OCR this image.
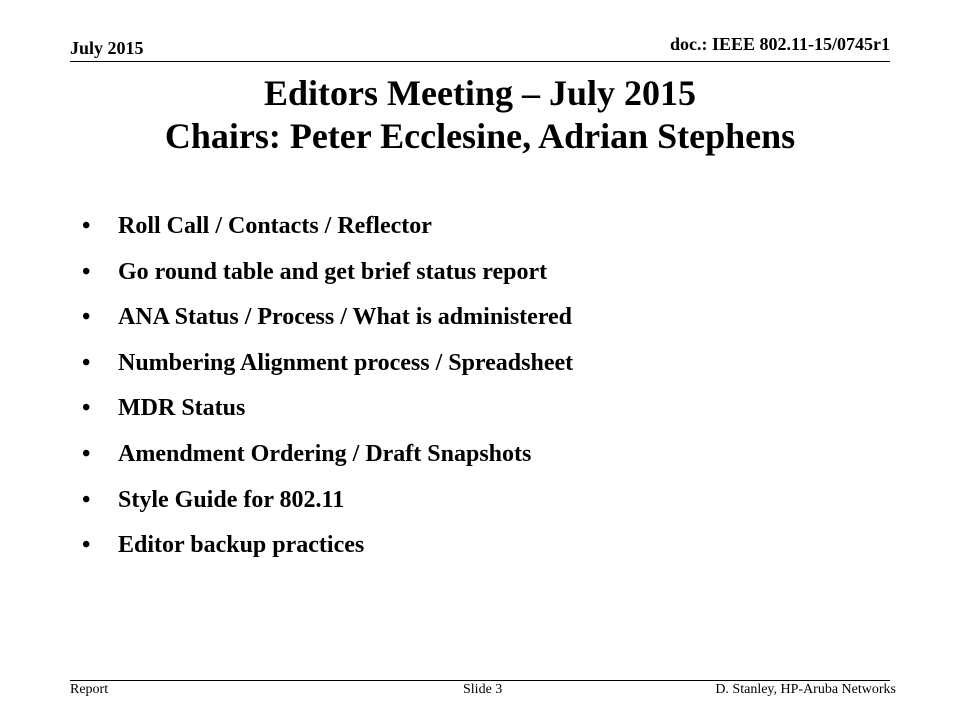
July 2015	doc.: IEEE 802.11-15/0745r1
Editors Meeting – July 2015
Chairs: Peter Ecclesine, Adrian Stephens
• Roll Call / Contacts / Reflector
• Go round table and get brief status report
• ANA Status / Process / What is administered
• Numbering Alignment process / Spreadsheet
• MDR Status
• Amendment Ordering / Draft Snapshots
• Style Guide for 802.11
• Editor backup practices
Report	Slide 3	D. Stanley, HP-Aruba Networks
